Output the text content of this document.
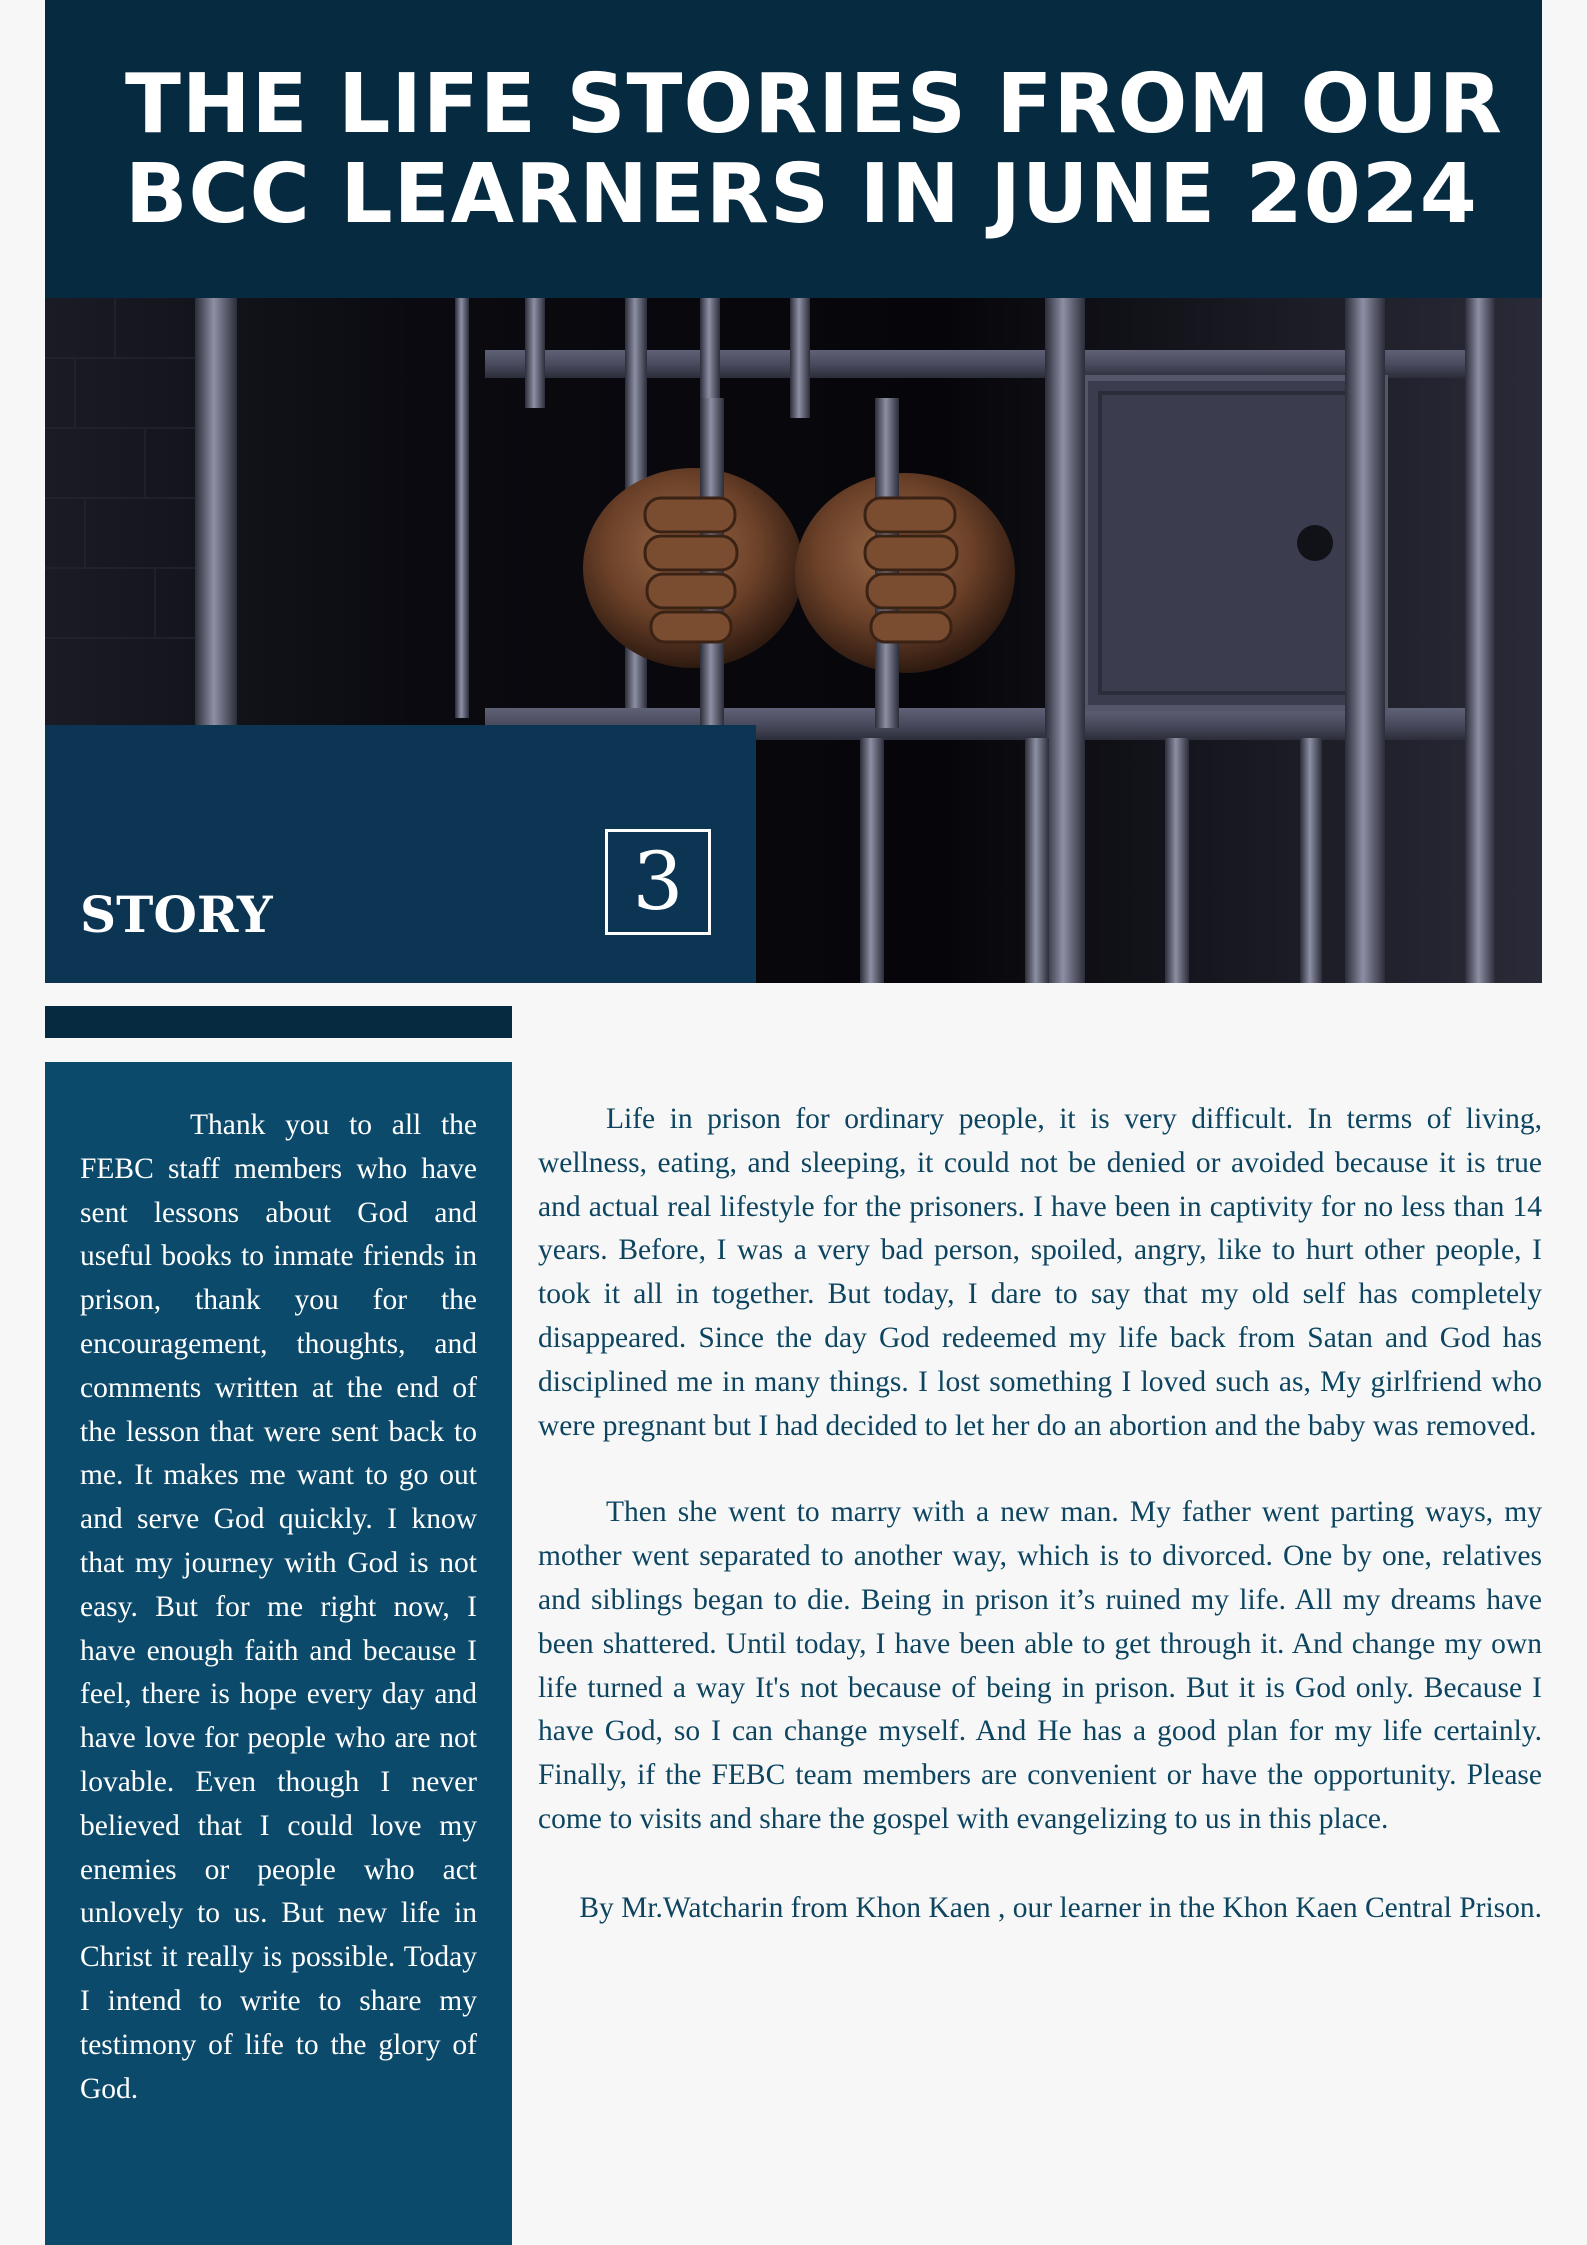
THE LIFE STORIES FROM OUR
BCC LEARNERS IN JUNE 2024
STORY	3

Thank you to all the FEBC staff members who have sent lessons about God and useful books to inmate friends in prison, thank you for the encouragement, thoughts, and comments written at the end of the lesson that were sent back to me. It makes me want to go out and serve God quickly. I know that my journey with God is not easy. But for me right now, I have enough faith and because I feel, there is hope every day and have love for people who are not lovable. Even though I never believed that I could love my enemies or people who act unlovely to us. But new life in Christ it really is possible. Today I intend to write to share my testimony of life to the glory of God.

Life in prison for ordinary people, it is very difficult. In terms of living, wellness, eating, and sleeping, it could not be denied or avoided because it is true and actual real lifestyle for the prisoners. I have been in captivity for no less than 14 years. Before, I was a very bad person, spoiled, angry, like to hurt other people, I took it all in together. But today, I dare to say that my old self has completely disappeared. Since the day God redeemed my life back from Satan and God has disciplined me in many things. I lost something I loved such as, My girlfriend who were pregnant but I had decided to let her do an abortion and the baby was removed.

Then she went to marry with a new man. My father went parting ways, my mother went separated to another way, which is to divorced. One by one, relatives and siblings began to die. Being in prison it’s ruined my life. All my dreams have been shattered. Until today, I have been able to get through it. And change my own life turned a way It's not because of being in prison. But it is God only. Because I have God, so I can change myself. And He has a good plan for my life certainly. Finally, if the FEBC team members are convenient or have the opportunity. Please come to visits and share the gospel with evangelizing to us in this place.

By Mr.Watcharin from Khon Kaen , our learner in the Khon Kaen Central Prison.
